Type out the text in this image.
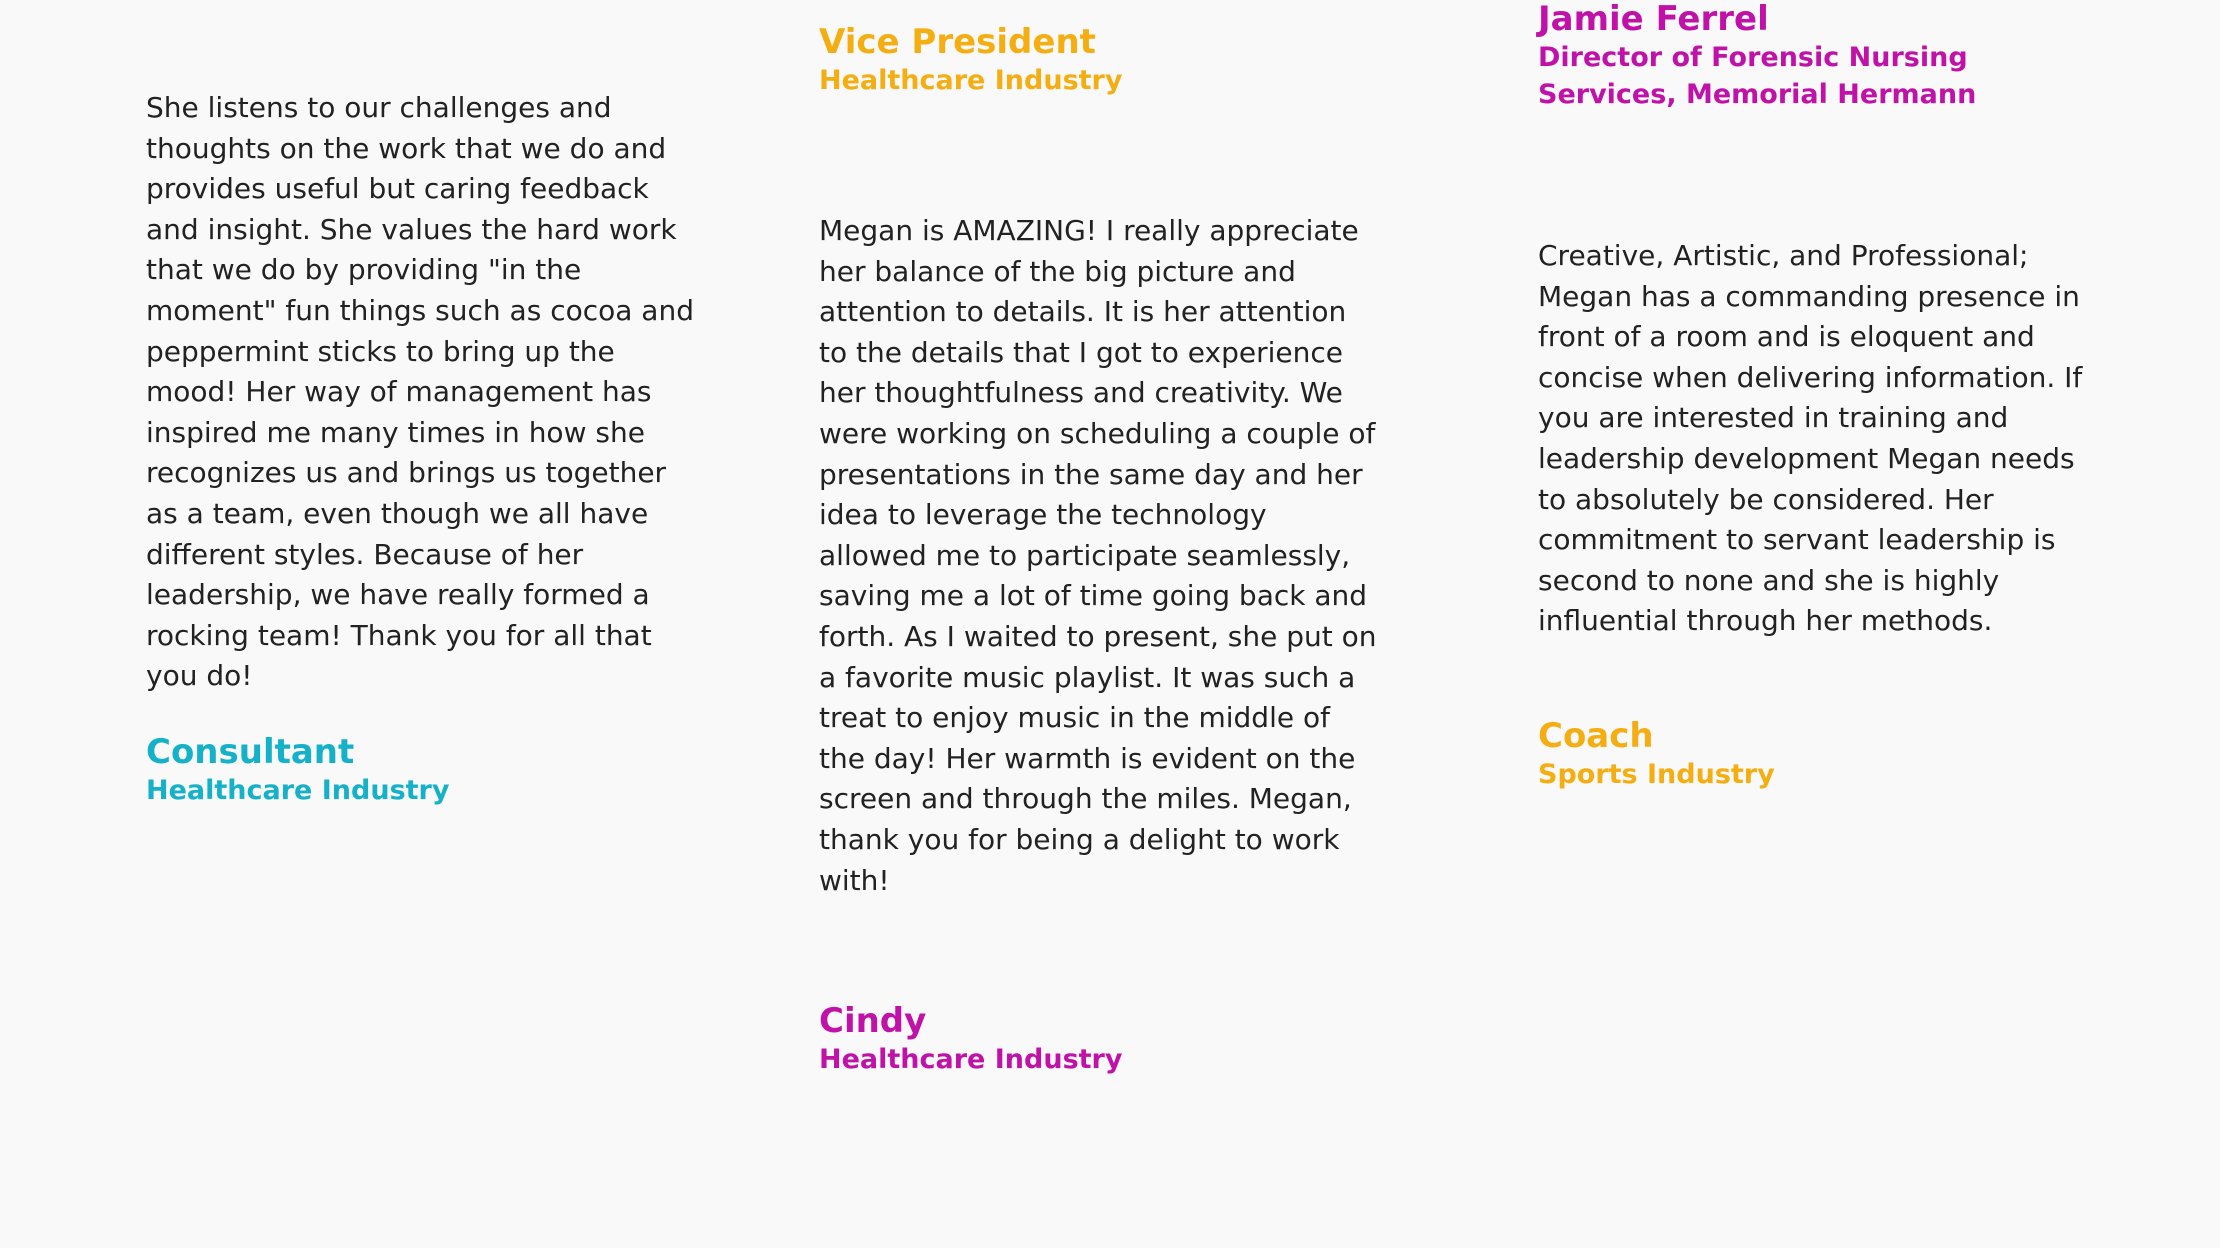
She listens to our challenges and thoughts on the work that we do and provides useful but caring feedback and insight. She values the hard work that we do by providing "in the moment" fun things such as cocoa and peppermint sticks to bring up the mood! Her way of management has inspired me many times in how she recognizes us and brings us together as a team, even though we all have different styles. Because of her leadership, we have really formed a rocking team! Thank you for all that you do!

Consultant

Healthcare Industry

Vice President

Healthcare Industry

Megan is AMAZING! I really appreciate her balance of the big picture and attention to details. It is her attention to the details that I got to experience her thoughtfulness and creativity. We were working on scheduling a couple of presentations in the same day and her idea to leverage the technology allowed me to participate seamlessly, saving me a lot of time going back and forth. As I waited to present, she put on a favorite music playlist. It was such a treat to enjoy music in the middle of the day! Her warmth is evident on the screen and through the miles. Megan, thank you for being a delight to work with!

Cindy

Healthcare Industry

Jamie Ferrel

Director of Forensic Nursing Services, Memorial Hermann

Creative, Artistic, and Professional; Megan has a commanding presence in front of a room and is eloquent and concise when delivering information. If you are interested in training and leadership development Megan needs to absolutely be considered. Her commitment to servant leadership is second to none and she is highly influential through her methods.

Coach

Sports Industry
